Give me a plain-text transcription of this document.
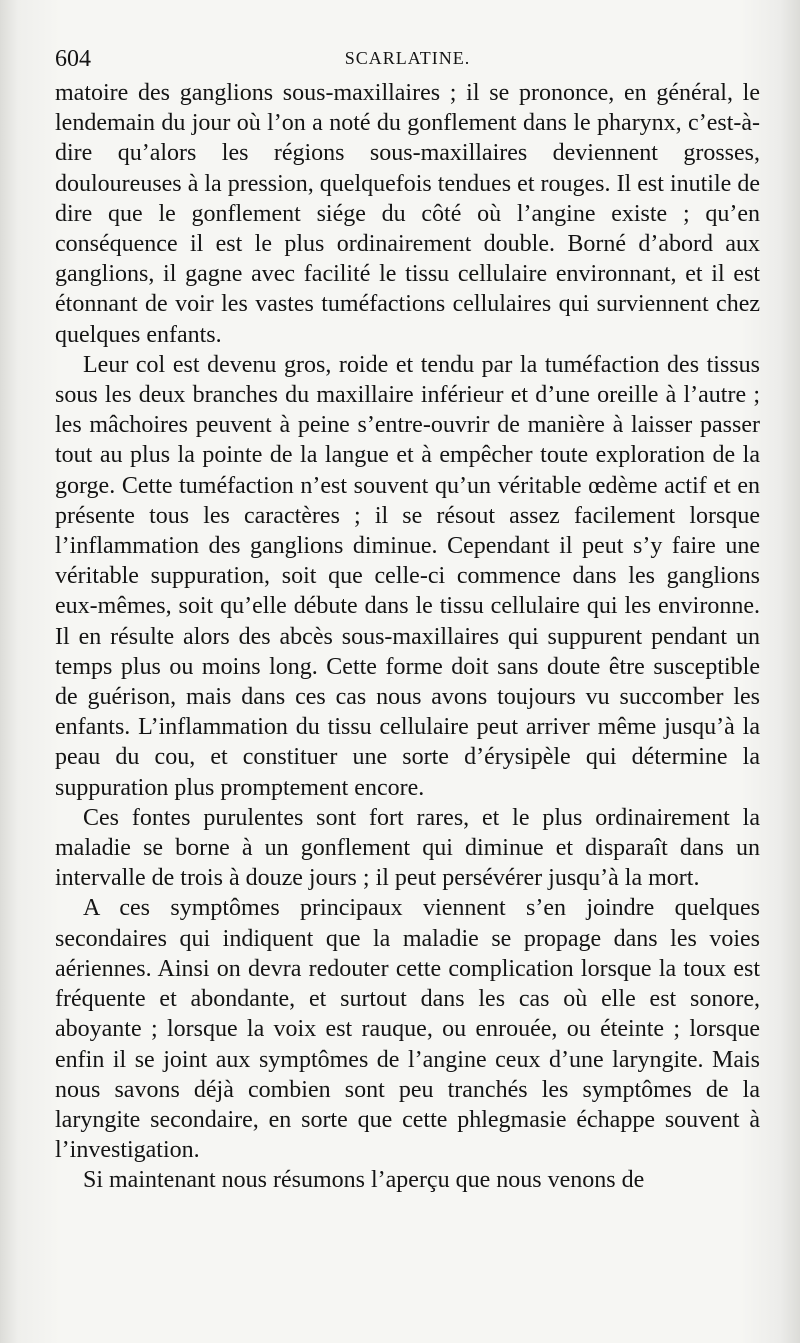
604	SCARLATINE.

matoire des ganglions sous-maxillaires ; il se prononce, en général, le lendemain du jour où l’on a noté du gonflement dans le pharynx, c’est-à-dire qu’alors les régions sous-maxillaires deviennent grosses, douloureuses à la pression, quelquefois tendues et rouges. Il est inutile de dire que le gonflement siége du côté où l’angine existe ; qu’en conséquence il est le plus ordinairement double. Borné d’abord aux ganglions, il gagne avec facilité le tissu cellulaire environnant, et il est étonnant de voir les vastes tuméfactions cellulaires qui surviennent chez quelques enfants.

Leur col est devenu gros, roide et tendu par la tuméfaction des tissus sous les deux branches du maxillaire inférieur et d’une oreille à l’autre ; les mâchoires peuvent à peine s’entre-ouvrir de manière à laisser passer tout au plus la pointe de la langue et à empêcher toute exploration de la gorge. Cette tuméfaction n’est souvent qu’un véritable œdème actif et en présente tous les caractères ; il se résout assez facilement lorsque l’inflammation des ganglions diminue. Cependant il peut s’y faire une véritable suppuration, soit que celle-ci commence dans les ganglions eux-mêmes, soit qu’elle débute dans le tissu cellulaire qui les environne. Il en résulte alors des abcès sous-maxillaires qui suppurent pendant un temps plus ou moins long. Cette forme doit sans doute être susceptible de guérison, mais dans ces cas nous avons toujours vu succomber les enfants. L’inflammation du tissu cellulaire peut arriver même jusqu’à la peau du cou, et constituer une sorte d’érysipèle qui détermine la suppuration plus promptement encore.

Ces fontes purulentes sont fort rares, et le plus ordinairement la maladie se borne à un gonflement qui diminue et disparaît dans un intervalle de trois à douze jours ; il peut persévérer jusqu’à la mort.

A ces symptômes principaux viennent s’en joindre quelques secondaires qui indiquent que la maladie se propage dans les voies aériennes. Ainsi on devra redouter cette complication lorsque la toux est fréquente et abondante, et surtout dans les cas où elle est sonore, aboyante ; lorsque la voix est rauque, ou enrouée, ou éteinte ; lorsque enfin il se joint aux symptômes de l’angine ceux d’une laryngite. Mais nous savons déjà combien sont peu tranchés les symptômes de la laryngite secondaire, en sorte que cette phlegmasie échappe souvent à l’investigation.

Si maintenant nous résumons l’aperçu que nous venons de
